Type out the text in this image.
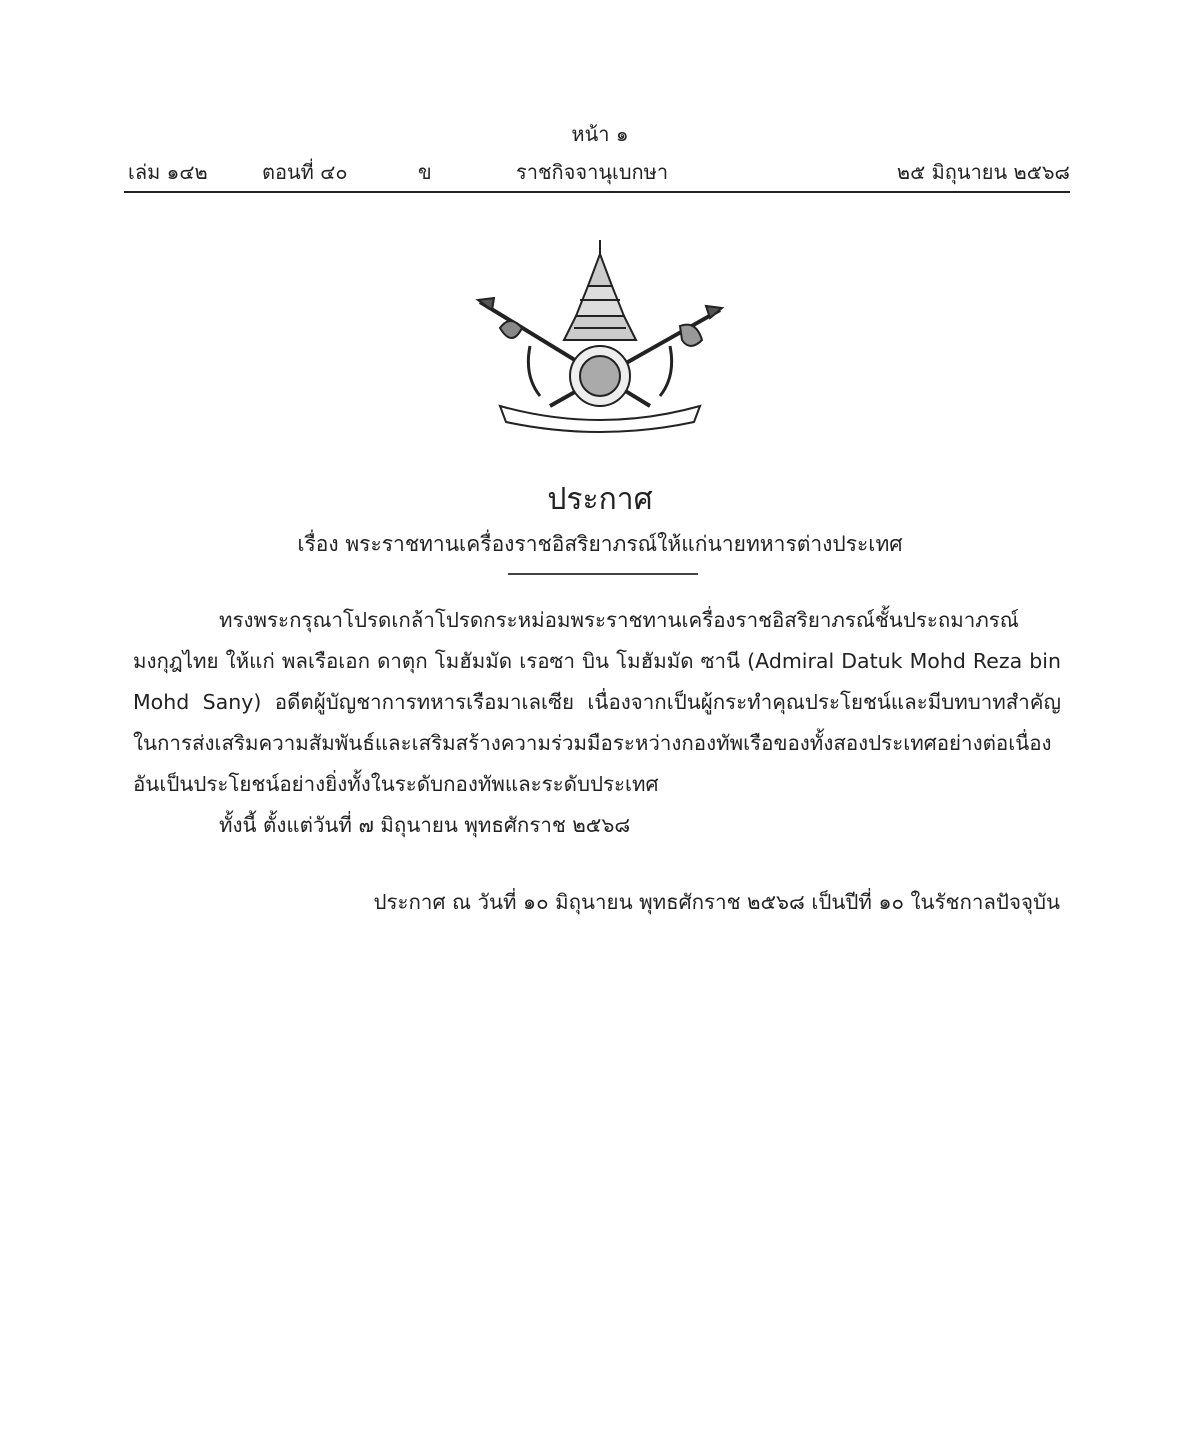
หน้า ๑
เล่ม ๑๔๒	ตอนที่ ๔๐	ข	ราชกิจจานุเบกษา	๒๕ มิถุนายน ๒๕๖๘
ประกาศ
เรื่อง พระราชทานเครื่องราชอิสริยาภรณ์ให้แก่นายทหารต่างประเทศ

ทรงพระกรุณาโปรดเกล้าโปรดกระหม่อมพระราชทานเครื่องราชอิสริยาภรณ์ชั้นประถมาภรณ์มงกุฎไทย ให้แก่ พลเรือเอก ดาตุก โมฮัมมัด เรอซา บิน โมฮัมมัด ซานี (Admiral Datuk Mohd Reza bin Mohd Sany) อดีตผู้บัญชาการทหารเรือมาเลเซีย เนื่องจากเป็นผู้กระทำคุณประโยชน์และมีบทบาทสำคัญในการส่งเสริมความสัมพันธ์และเสริมสร้างความร่วมมือระหว่างกองทัพเรือของทั้งสองประเทศอย่างต่อเนื่อง อันเป็นประโยชน์อย่างยิ่งทั้งในระดับกองทัพและระดับประเทศ

ทั้งนี้ ตั้งแต่วันที่ ๗ มิถุนายน พุทธศักราช ๒๕๖๘

ประกาศ ณ วันที่ ๑๐ มิถุนายน พุทธศักราช ๒๕๖๘ เป็นปีที่ ๑๐ ในรัชกาลปัจจุบัน
